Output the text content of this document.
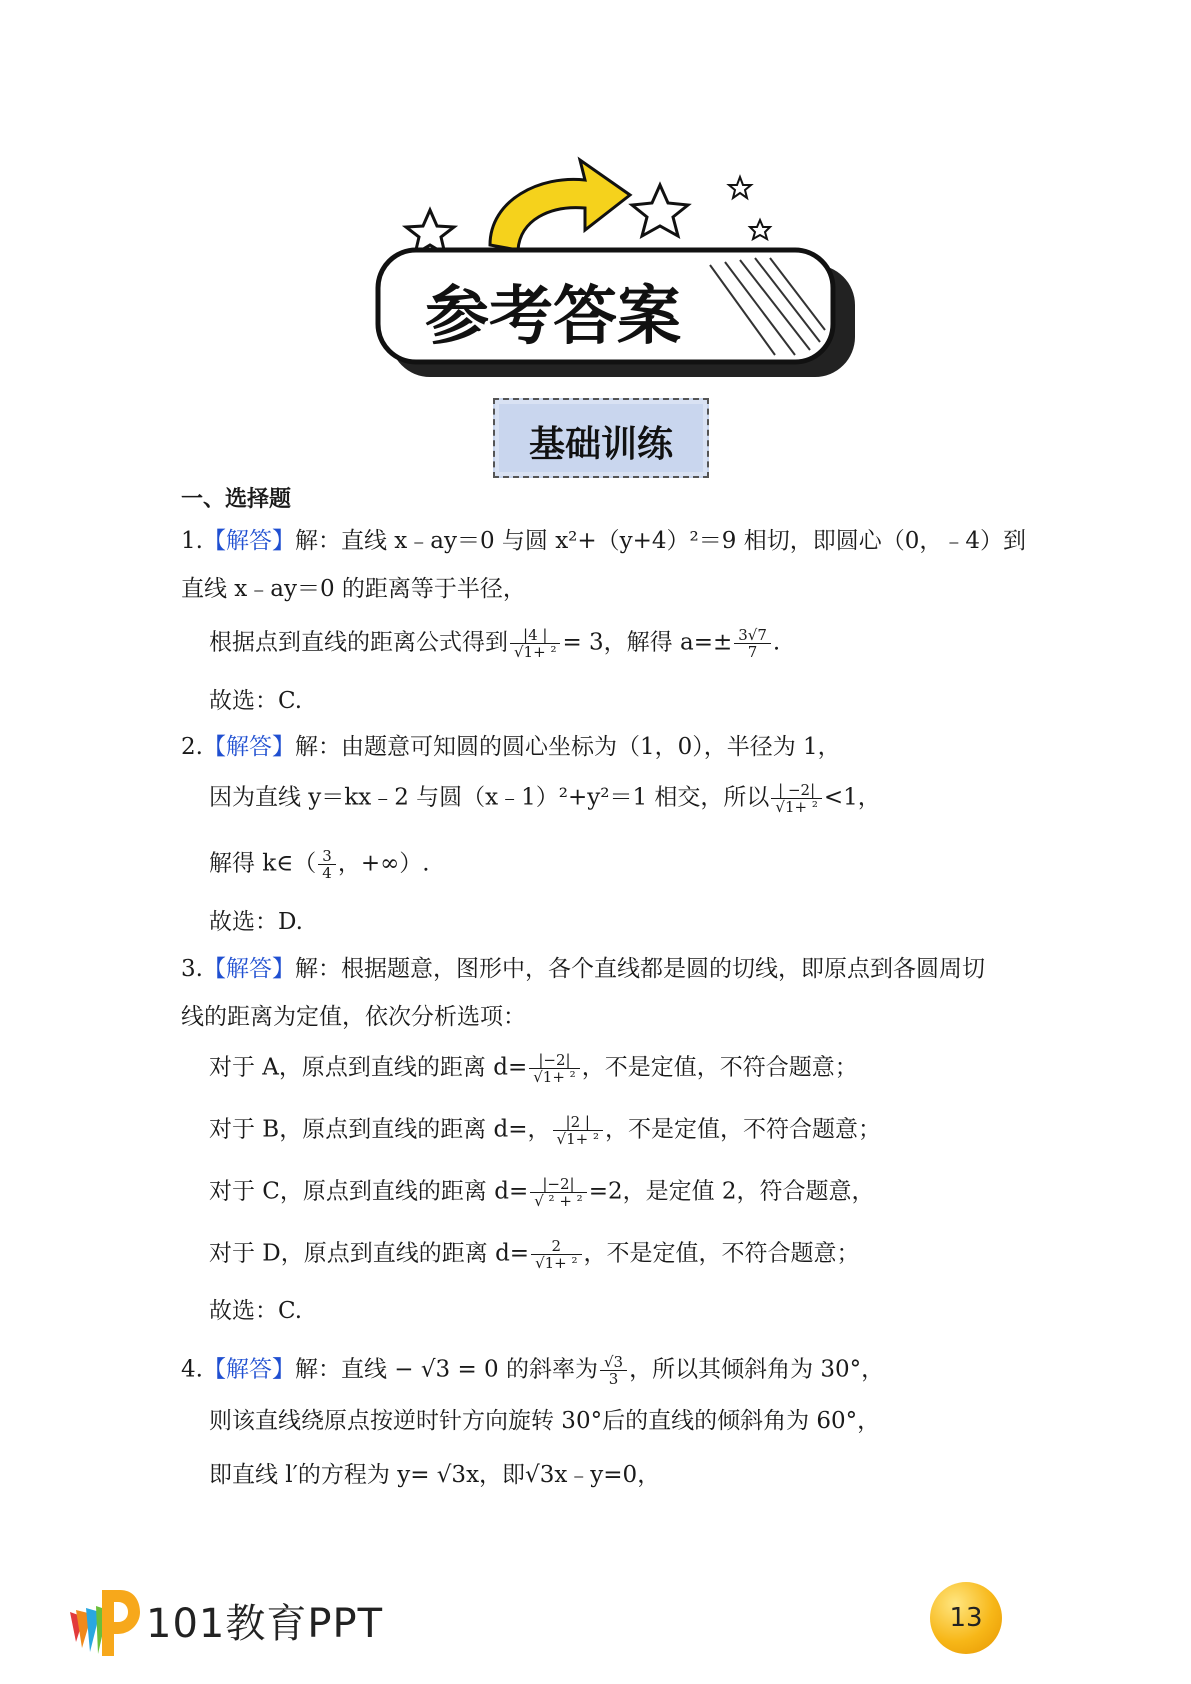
参考答案
基础训练
一、选择题
1.【解答】解：直线 x﹣ay＝0 与圆 x²+（y+4）²＝9 相切，即圆心（0，﹣4）到
直线 x﹣ay＝0 的距离等于半径，
根据点到直线的距离公式得到 $\frac{|4 |}{\text{√1+ ²}} = 3$，解得 $a=\pm \frac{3√7}{7}$ .
故选：C.
2.【解答】解：由题意可知圆的圆心坐标为（1，0），半径为 1，
因为直线 y＝kx﹣2 与圆（x﹣1）²+y²＝1 相交，所以 $\frac{| -2|}{\text{√1+ ²}} <1$，
解得 k∈（ $\frac{3}{4}$ ，+∞）.
故选：D.
3.【解答】解：根据题意，图形中，各个直线都是圆的切线，即原点到各圆周切
线的距离为定值，依次分析选项：
对于 A，原点到直线的距离 $d= \frac{|-2|}{\text{√1+ ²}}$ ，不是定值，不符合题意；
对于 B，原点到直线的距离 d=， $\frac{|2 |}{\text{√1+ ²}}$ ，不是定值，不符合题意；
对于 C，原点到直线的距离 $d= \frac{|-2|}{\text{√ ² + ²}} =2$，是定值 2，符合题意，
对于 D，原点到直线的距离 $d= \frac{2}{\text{√1+ ²}}$ ，不是定值，不符合题意；
故选：C.
4.【解答】解：直线 − √3 = 0 的斜率为 $\frac{√3}{3}$ ，所以其倾斜角为 30°，
则该直线绕原点按逆时针方向旋转 30°后的直线的倾斜角为 60°，
即直线 l′的方程为 y= √3x，即√3x﹣y=0，
101教育PPT	13
